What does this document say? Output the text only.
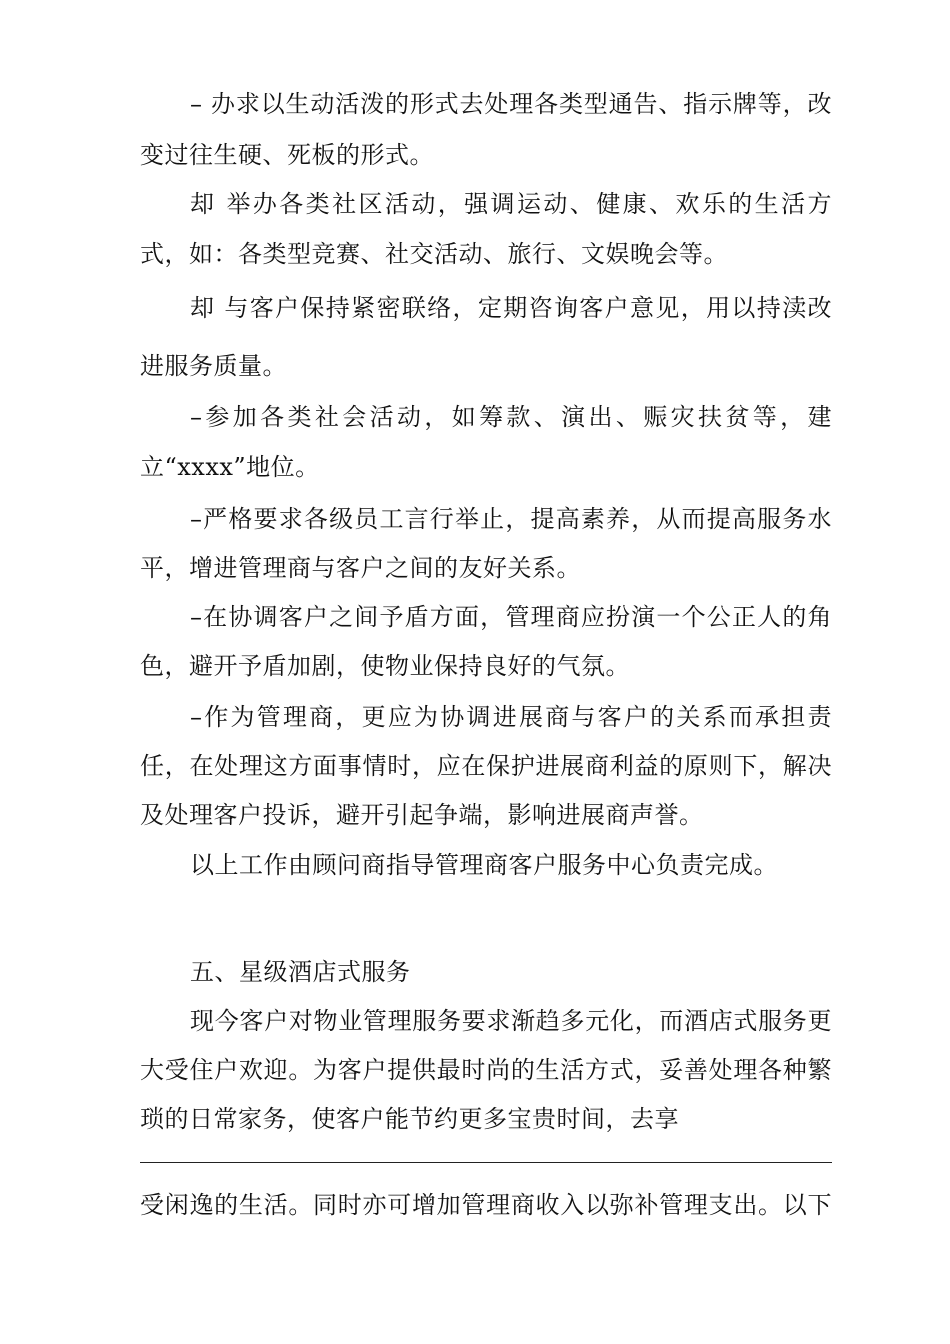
– 办求以生动活泼的形式去处理各类型通告、指示牌等，改
变过往生硬、死板的形式。
却 举办各类社区活动，强调运动、健康、欢乐的生活方
式，如：各类型竞赛、社交活动、旅行、文娱晚会等。
却 与客户保持紧密联络，定期咨询客户意见，用以持渎改
进服务质量。
–参加各类社会活动，如筹款、演出、赈灾扶贫等，建
立“xxxx”地位。
–严格要求各级员工言行举止，提高素养，从而提高服务水
平，增进管理商与客户之间的友好关系。
–在协调客户之间予盾方面，管理商应扮演一个公正人的角
色，避开予盾加剧，使物业保持良好的气氛。
–作为管理商，更应为协调进展商与客户的关系而承担责
任，在处理这方面事情时，应在保护进展商利益的原则下，解决
及处理客户投诉，避开引起争端，影响进展商声誉。
以上工作由顾问商指导管理商客户服务中心负责完成。
五、星级酒店式服务
现今客户对物业管理服务要求渐趋多元化，而酒店式服务更
大受住户欢迎。为客户提供最时尚的生活方式，妥善处理各种繁
琐的日常家务，使客户能节约更多宝贵时间，去享
受闲逸的生活。同时亦可增加管理商收入以弥补管理支出。以下
